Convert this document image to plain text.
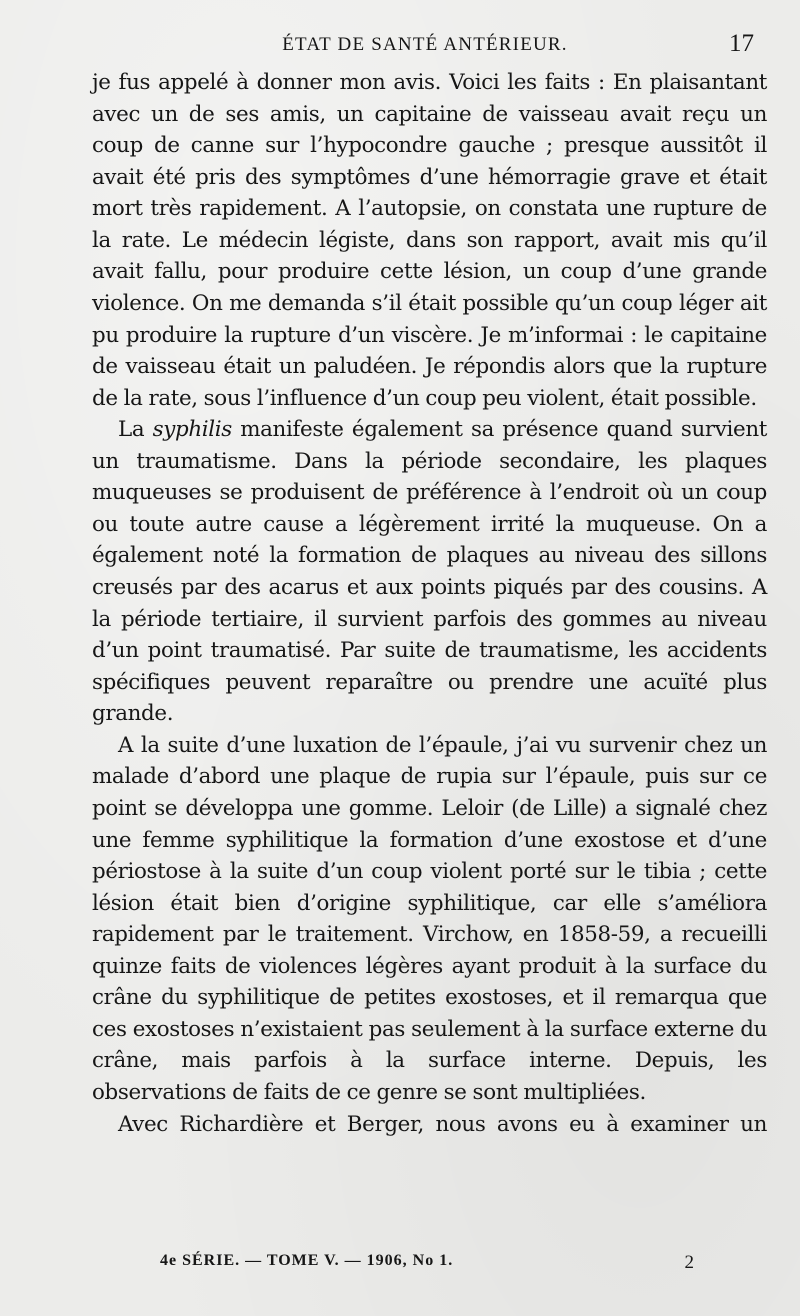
ÉTAT DE SANTÉ ANTÉRIEUR.	17

je fus appelé à donner mon avis. Voici les faits : En plaisantant avec un de ses amis, un capitaine de vaisseau avait reçu un coup de canne sur l’hypocondre gauche ; presque aussitôt il avait été pris des symptômes d’une hémorragie grave et était mort très rapidement. A l’autopsie, on constata une rupture de la rate. Le médecin légiste, dans son rapport, avait mis qu’il avait fallu, pour produire cette lésion, un coup d’une grande violence. On me demanda s’il était possible qu’un coup léger ait pu produire la rupture d’un viscère. Je m’informai : le capitaine de vaisseau était un paludéen. Je répondis alors que la rupture de la rate, sous l’influence d’un coup peu violent, était possible.

La syphilis manifeste également sa présence quand survient un traumatisme. Dans la période secondaire, les plaques muqueuses se produisent de préférence à l’endroit où un coup ou toute autre cause a légèrement irrité la muqueuse. On a également noté la formation de plaques au niveau des sillons creusés par des acarus et aux points piqués par des cousins. A la période tertiaire, il survient parfois des gommes au niveau d’un point traumatisé. Par suite de traumatisme, les accidents spécifiques peuvent reparaître ou prendre une acuïté plus grande.

A la suite d’une luxation de l’épaule, j’ai vu survenir chez un malade d’abord une plaque de rupia sur l’épaule, puis sur ce point se développa une gomme. Leloir (de Lille) a signalé chez une femme syphilitique la formation d’une exostose et d’une périostose à la suite d’un coup violent porté sur le tibia ; cette lésion était bien d’origine syphilitique, car elle s’améliora rapidement par le traitement. Virchow, en 1858-59, a recueilli quinze faits de violences légères ayant produit à la surface du crâne du syphilitique de petites exostoses, et il remarqua que ces exostoses n’existaient pas seulement à la surface externe du crâne, mais parfois à la surface interne. Depuis, les observations de faits de ce genre se sont multipliées.

Avec Richardière et Berger, nous avons eu à examiner un

4e SÉRIE. — TOME V. — 1906, No 1.	2
